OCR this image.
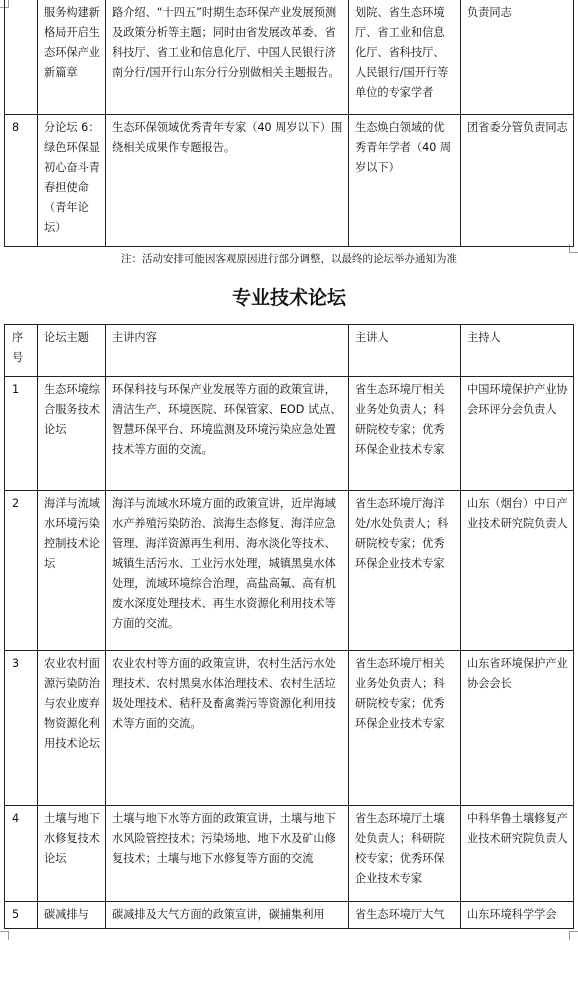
	服务构建新格局开启生态环保产业新篇章	路介绍、“十四五”时期生态环保产业发展预测及政策分析等主题；同时由省发展改革委、省科技厅、省工业和信息化厅、中国人民银行济南分行/国开行山东分行分别做相关主题报告。	划院、省生态环境厅、省工业和信息化厅、省科技厅、人民银行/国开行等单位的专家学者	负责同志
8	分论坛 6：绿色环保显初心奋斗青春担使命（青年论坛）	生态环保领域优秀青年专家（40 周岁以下）围绕相关成果作专题报告。	生态焕白领域的优秀青年学者（40 周岁以下）	团省委分管负责同志
注：活动安排可能因客观原因进行部分调整，以最终的论坛举办通知为准
专业技术论坛
序号	论坛主题	主讲内容	主讲人	主持人
1	生态环境综合服务技术论坛	环保科技与环保产业发展等方面的政策宣讲，清洁生产、环境医院、环保管家、EOD 试点、智慧环保平台、环境监测及环境污染应急处置技术等方面的交流。	省生态环境厅相关业务处负责人；科研院校专家；优秀环保企业技术专家	中国环境保护产业协会环评分会负责人
2	海洋与流域水环境污染控制技术论坛	海洋与流域水环境方面的政策宣讲，近岸海域水产养殖污染防治、滨海生态修复、海洋应急管理、海洋资源再生利用、海水淡化等技术、城镇生活污水、工业污水处理，城镇黑臭水体处理，流域环境综合治理，高盐高氟、高有机废水深度处理技术、再生水资源化利用技术等方面的交流。	省生态环境厅海洋处/水处负责人；科研院校专家；优秀环保企业技术专家	山东（烟台）中日产业技术研究院负责人
3	农业农村面源污染防治与农业废弃物资源化利用技术论坛	农业农村等方面的政策宣讲，农村生活污水处理技术、农村黑臭水体治理技术、农村生活垃圾处理技术、秸秆及畜禽粪污等资源化利用技术等方面的交流。	省生态环境厅相关业务处负责人；科研院校专家；优秀环保企业技术专家	山东省环境保护产业协会会长
4	土壤与地下水修复技术论坛	土壤与地下水等方面的政策宣讲，土壤与地下水风险管控技术；污染场地、地下水及矿山修复技术；土壤与地下水修复等方面的交流	省生态环境厅土壤处负责人；科研院校专家；优秀环保企业技术专家	中科华鲁土壤修复产业技术研究院负责人
5	碳减排与	碳减排及大气方面的政策宣讲，碳捕集利用	省生态环境厅大气	山东环境科学学会
